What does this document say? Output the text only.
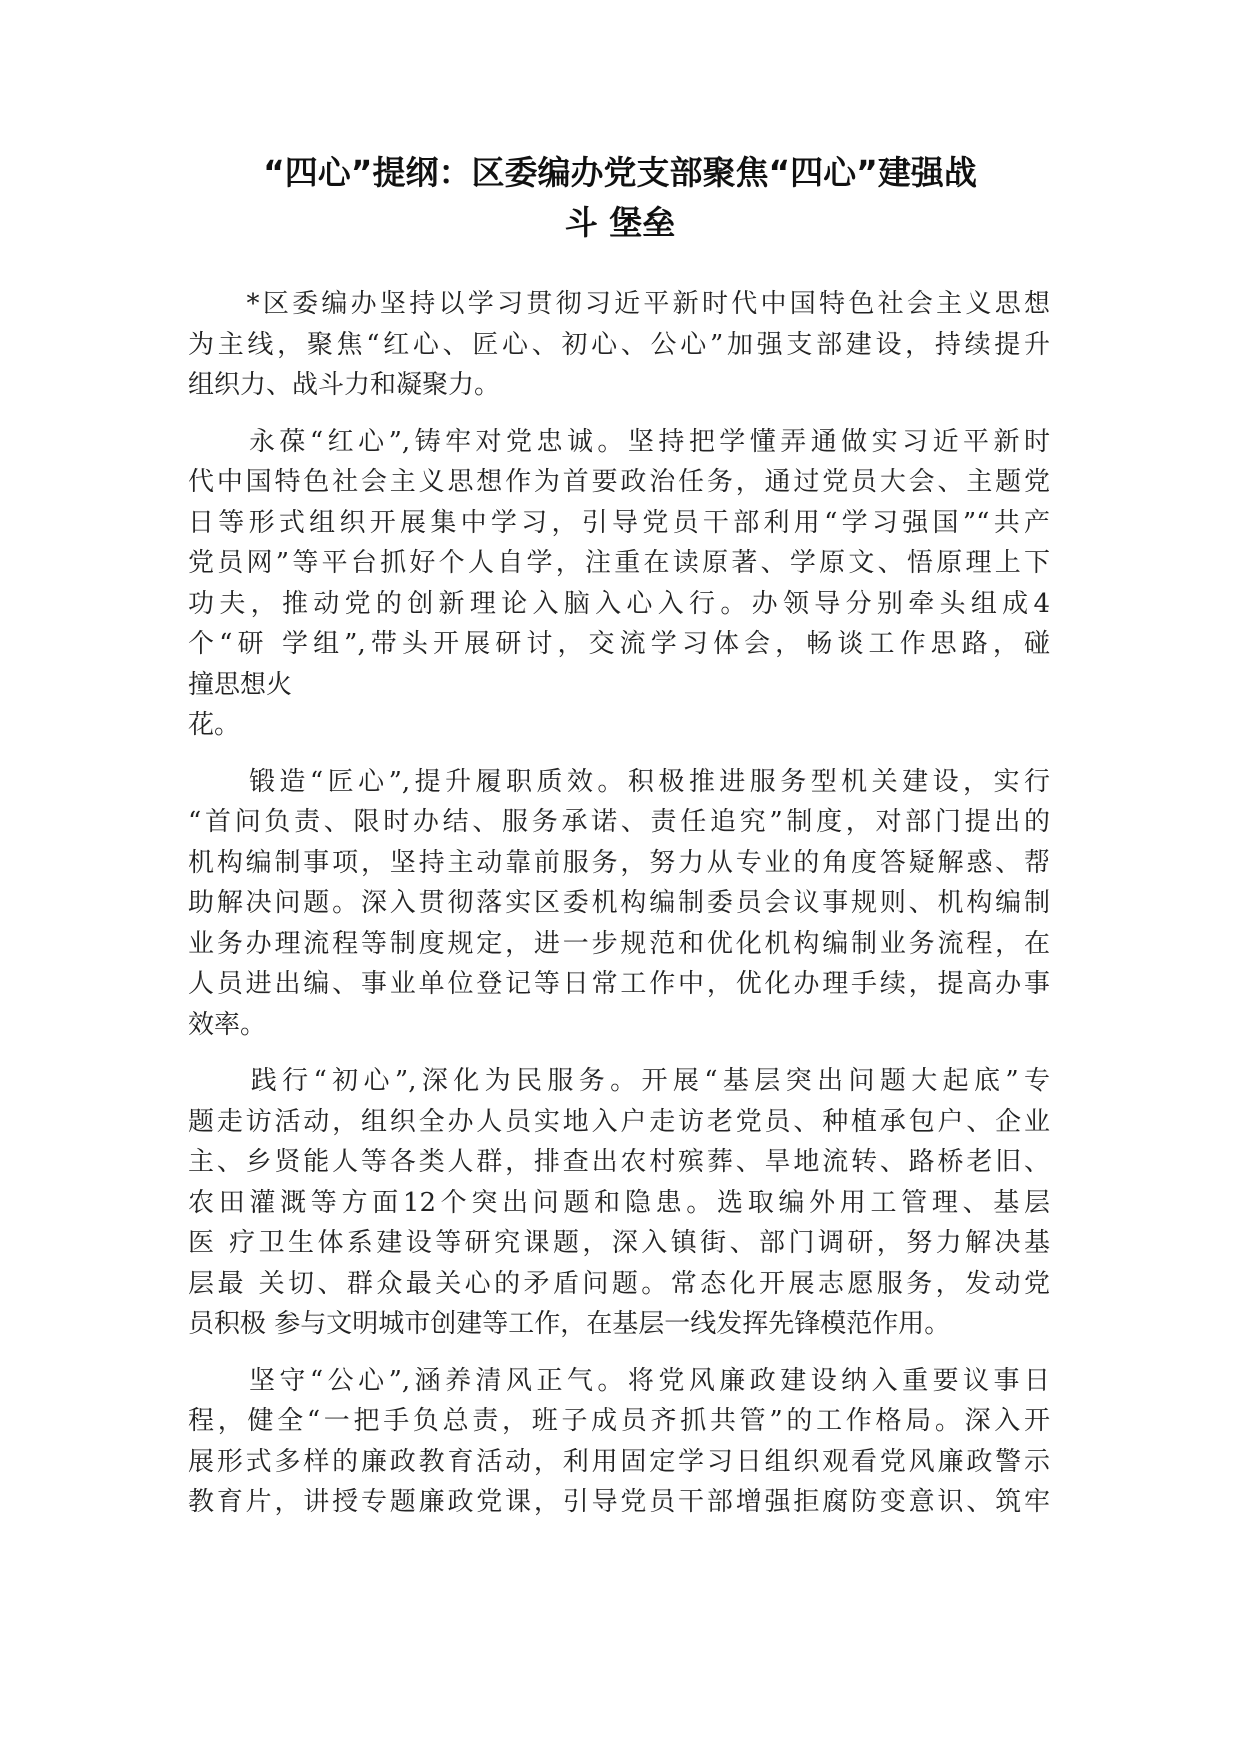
“四心”提纲：区委编办党支部聚焦“四心”建强战
斗 堡垒
　　*区委编办坚持以学习贯彻习近平新时代中国特色社会主义思想
为主线，聚焦“红心、匠心、初心、公心”加强支部建设，持续提升
组织力、战斗力和凝聚力。
　　永葆“红心”,铸牢对党忠诚。坚持把学懂弄通做实习近平新时
代中国特色社会主义思想作为首要政治任务，通过党员大会、主题党
日等形式组织开展集中学习，引导党员干部利用“学习强国”“共产
党员网”等平台抓好个人自学，注重在读原著、学原文、悟原理上下
功夫，推动党的创新理论入脑入心入行。办领导分别牵头组成4
个“研 学组”,带头开展研讨，交流学习体会，畅谈工作思路，碰
撞思想火
花。
　　锻造“匠心”,提升履职质效。积极推进服务型机关建设，实行
“首问负责、限时办结、服务承诺、责任追究”制度，对部门提出的
机构编制事项，坚持主动靠前服务，努力从专业的角度答疑解惑、帮
助解决问题。深入贯彻落实区委机构编制委员会议事规则、机构编制
业务办理流程等制度规定，进一步规范和优化机构编制业务流程，在
人员进出编、事业单位登记等日常工作中，优化办理手续，提高办事
效率。
　　践行“初心”,深化为民服务。开展“基层突出问题大起底”专
题走访活动，组织全办人员实地入户走访老党员、种植承包户、企业
主、乡贤能人等各类人群，排查出农村殡葬、旱地流转、路桥老旧、
农田灌溉等方面12个突出问题和隐患。选取编外用工管理、基层
医 疗卫生体系建设等研究课题，深入镇街、部门调研，努力解决基
层最 关切、群众最关心的矛盾问题。常态化开展志愿服务，发动党
员积极 参与文明城市创建等工作，在基层一线发挥先锋模范作用。
　　坚守“公心”,涵养清风正气。将党风廉政建设纳入重要议事日
程，健全“一把手负总责，班子成员齐抓共管”的工作格局。深入开
展形式多样的廉政教育活动，利用固定学习日组织观看党风廉政警示
教育片，讲授专题廉政党课，引导党员干部增强拒腐防变意识、筑牢
